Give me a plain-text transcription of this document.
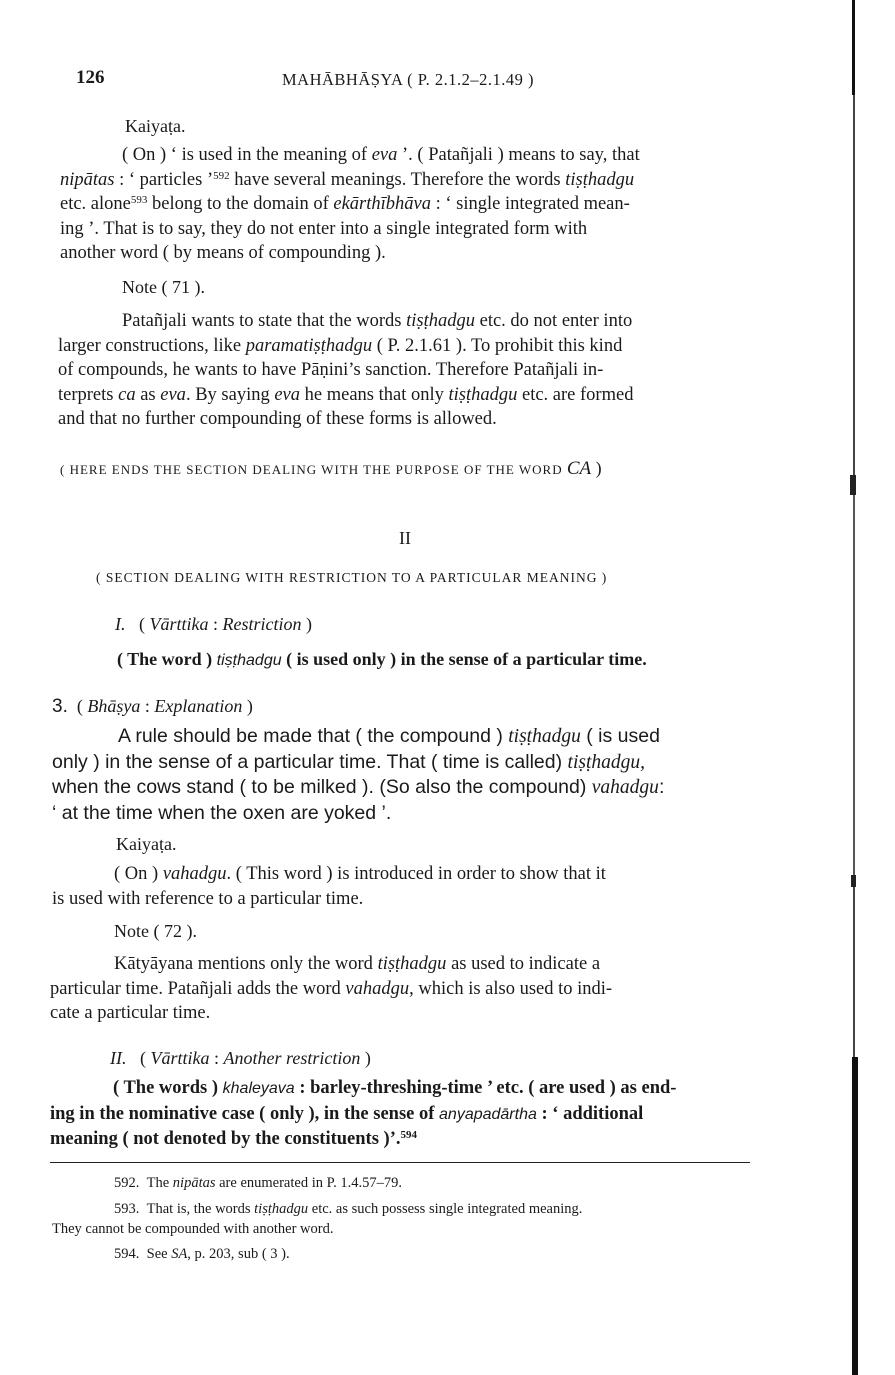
126	MAHĀBHĀṢYA ( P. 2.1.2–2.1.49 )
Kaiyaṭa.

( On ) ‘ is used in the meaning of eva ’. ( Patañjali ) means to say, that

nipātas : ‘ particles ’$^{592}$ have several meanings. Therefore the words tiṣṭhadgu

etc. alone$^{593}$ belong to the domain of ekārthībhāva : ‘ single integrated mean-

ing ’. That is to say, they do not enter into a single integrated form with

another word ( by means of compounding ).

Note ( 71 ).

Patañjali wants to state that the words tiṣṭhadgu etc. do not enter into

larger constructions, like paramatiṣṭhadgu ( P. 2.1.61 ). To prohibit this kind

of compounds, he wants to have Pāṇini’s sanction. Therefore Patañjali in-

terprets ca as eva. By saying eva he means that only tiṣṭhadgu etc. are formed

and that no further compounding of these forms is allowed.

( HERE ENDS THE SECTION DEALING WITH THE PURPOSE OF THE WORD CA )
II
( SECTION DEALING WITH RESTRICTION TO A PARTICULAR MEANING )
I. ( Vārttika : Restriction )
( The word ) tiṣṭhadgu ( is used only ) in the sense of a particular time.
3.  ( Bhāṣya : Explanation )

A rule should be made that ( the compound ) tiṣṭhadgu ( is used

only ) in the sense of a particular time. That ( time is called) tiṣṭhadgu,

when the cows stand ( to be milked ). (So also the compound) vahadgu:

‘ at the time when the oxen are yoked ’.

Kaiyaṭa.

( On ) vahadgu. ( This word ) is introduced in order to show that it

is used with reference to a particular time.

Note ( 72 ).

Kātyāyana mentions only the word tiṣṭhadgu as used to indicate a

particular time. Patañjali adds the word vahadgu, which is also used to indi-

cate a particular time.

II.   ( Vārttika : Another restriction )

( The words ) khaleyava : barley-threshing-time ’ etc. ( are used ) as end-

ing in the nominative case ( only ), in the sense of anyapadārtha : ‘ additional

meaning ( not denoted by the constituents )’.$^{594}$

592. The nipātas are enumerated in P. 1.4.57–79.
593. That is, the words tiṣṭhadgu etc. as such possess single integrated meaning.
They cannot be compounded with another word.
594. See SA, p. 203, sub ( 3 ).
